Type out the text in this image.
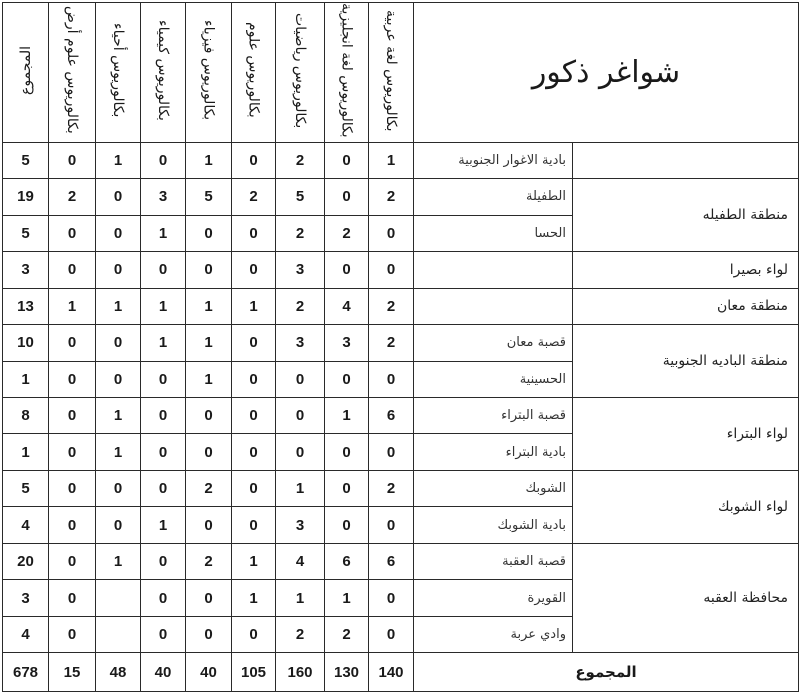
المجموع	بكالوريوس علوم أرض	بكالوريوس أحياء	بكالوريوس كيمياء	بكالوريوس فيزياء	بكالوريوس علوم	بكالوريوس رياضيات	بكالوريوس لغة انجليزية	بكالوريوس لغة عربية	شواغر ذكور	
5	0	1	0	1	0	2	0	1	بادية الاغوار الجنوبية	
19	2	0	3	5	2	5	0	2	الطفيلة	منطقة الطفيله
5	0	0	1	0	0	2	2	0	الحسا	
3	0	0	0	0	0	3	0	0		لواء بصيرا
13	1	1	1	1	1	2	4	2		منطقة معان
10	0	0	1	1	0	3	3	2	قصبة معان	منطقة الباديه الجنوبية
1	0	0	0	1	0	0	0	0	الحسينية	
8	0	1	0	0	0	0	1	6	قصبة البتراء	لواء البتراء
1	0	1	0	0	0	0	0	0	بادية البتراء	
5	0	0	0	2	0	1	0	2	الشوبك	لواء الشوبك
4	0	0	1	0	0	3	0	0	بادية الشوبك	
20	0	1	0	2	1	4	6	6	قصبة العقبة	محافظة العقبه
3	0		0	0	1	1	1	0	القويرة	
4	0		0	0	0	2	2	0	وادي عربة	
678	15	48	40	40	105	160	130	140	المجموع	
